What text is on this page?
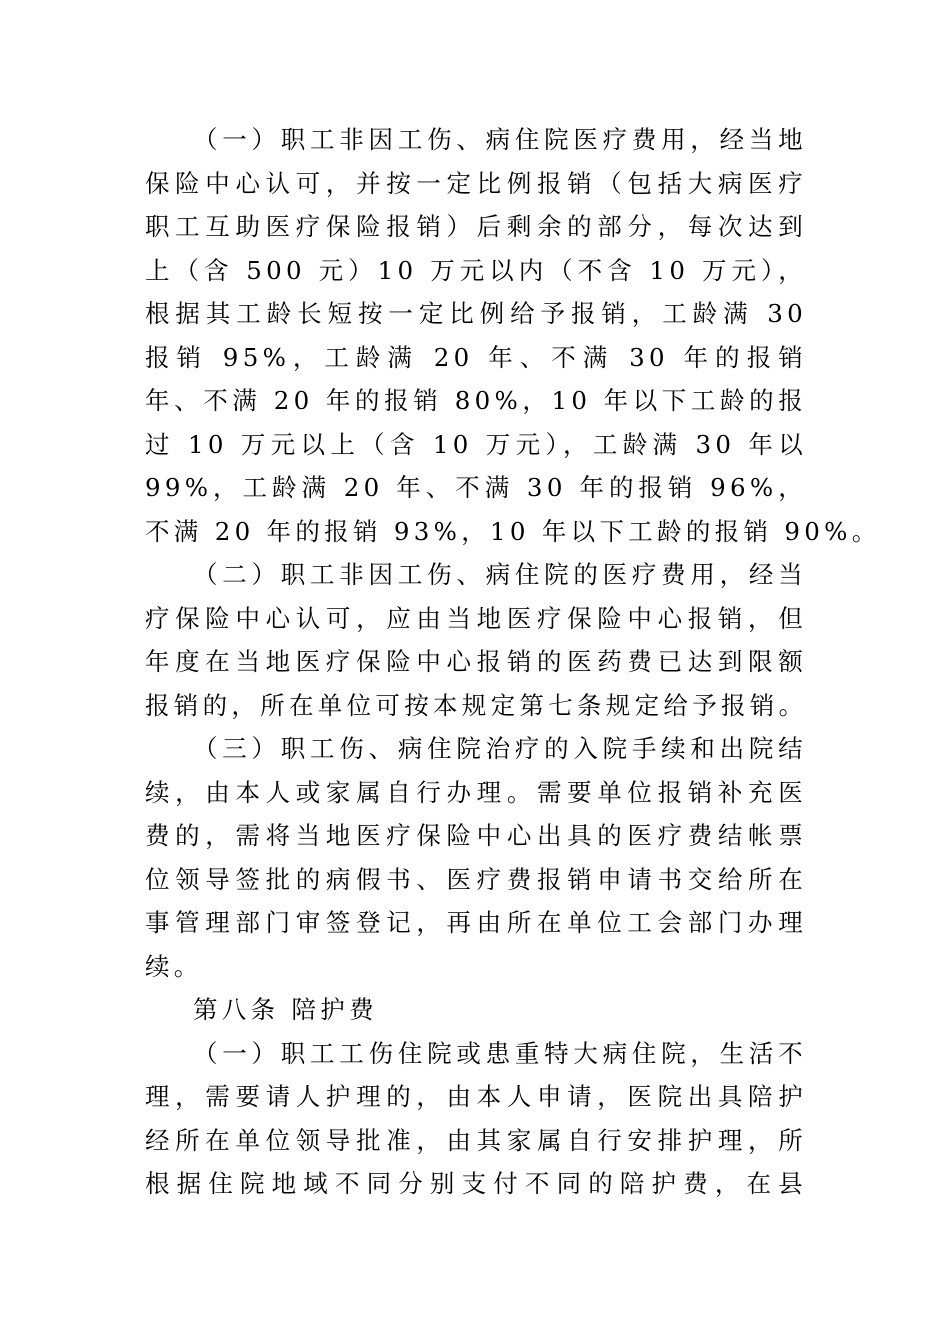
（一）职工非因工伤、病住院医疗费用，经当地
保险中心认可，并按一定比例报销（包括大病医疗
职工互助医疗保险报销）后剩余的部分，每次达到
上（含 500 元）10 万元以内（不含 10 万元），
根据其工龄长短按一定比例给予报销，工龄满 30
报销 95%，工龄满 20 年、不满 30 年的报销
年、不满 20 年的报销 80%，10 年以下工龄的报
过 10 万元以上（含 10 万元），工龄满 30 年以
99%，工龄满 20 年、不满 30 年的报销 96%，
不满 20 年的报销 93%，10 年以下工龄的报销 90%。
（二）职工非因工伤、病住院的医疗费用，经当
疗保险中心认可，应由当地医疗保险中心报销，但
年度在当地医疗保险中心报销的医药费已达到限额
报销的，所在单位可按本规定第七条规定给予报销。
（三）职工伤、病住院治疗的入院手续和出院结
续，由本人或家属自行办理。需要单位报销补充医
费的，需将当地医疗保险中心出具的医疗费结帐票
位领导签批的病假书、医疗费报销申请书交给所在
事管理部门审签登记，再由所在单位工会部门办理
续。
第八条 陪护费
（一）职工工伤住院或患重特大病住院，生活不
理，需要请人护理的，由本人申请，医院出具陪护
经所在单位领导批准，由其家属自行安排护理，所
根据住院地域不同分别支付不同的陪护费，在县
